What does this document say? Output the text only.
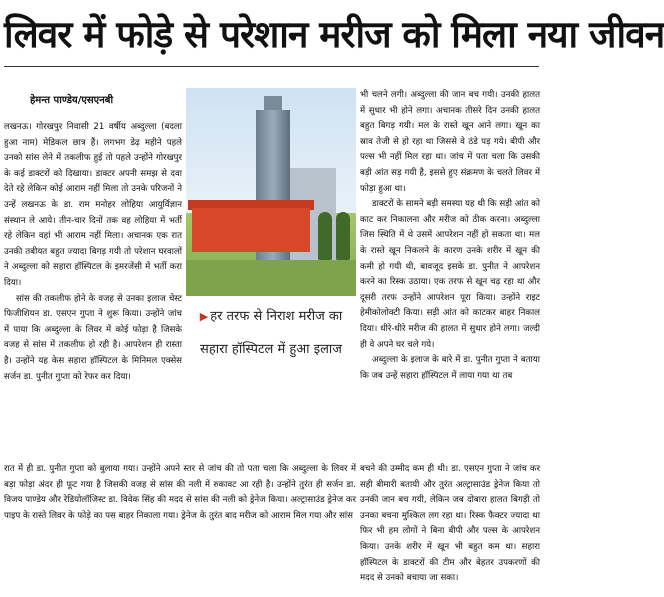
लिवर में फोड़े से परेशान मरीज को मिला नया जीवन
हेमन्त पाण्डेय/एसएनबी

लखनऊ। गोरखपुर निवासी 21 वर्षीय अब्दुल्ला (बदला हुआ नाम) मेडिकल छात्र हैं। लगभग डेढ़ महीने पहले उनको सांस लेने में तकलीफ हुई तो पहले उन्होंने गोरखपुर के कई डाक्टरों को दिखाया। डाक्टर अपनी समझ से दवा देते रहे लेकिन कोई आराम नहीं मिला तो उनके परिजनों ने उन्हें लखनऊ के डा. राम मनोहर लोहिया आयुर्विज्ञान संस्थान ले आये। तीन-चार दिनों तक वह लोहिया में भर्ती रहे लेकिन वहां भी आराम नहीं मिला। अचानक एक रात उनकी तबीयत बहुत ज्यादा बिगड़ गयी तो परेशान घरवालों ने अब्दुल्ला को सहारा हॉस्पिटल के इमरजेंसी में भर्ती करा दिया।

सांस की तकलीफ होने के वजह से उनका इलाज चेस्ट फिजीशियन डा. एसएन गुप्ता ने शुरू किया। उन्होंने जांच में पाया कि अब्दुल्ला के लिवर में कोई फोड़ा है जिसके वजह से सांस में तकलीफ हो रही है। आपरेशन ही रास्ता है। उन्होंने यह केस सहारा हॉस्पिटल के मिनिमल एक्सेस सर्जन डा. पुनीत गुप्ता को रेफर कर दिया।

▶ हर तरफ से निराश मरीज का सहारा हॉस्पिटल में हुआ इलाज

भी चलने लगी। अब्दुल्ला की जान बच गयी। उनकी हालत में सुधार भी होने लगा। अचानक तीसरे दिन उनकी हालत बहुत बिगड़ गयी। मल के रास्ते खून आने लगा। खून का स्राव तेजी से हो रहा था जिससे वे ठंडे पड़ गये। बीपी और पल्स भी नहीं मिल रहा था। जांच में पता चला कि उसकी बड़ी आंत सड़ गयी है, इससे हुए संक्रमण के चलते लिवर में फोड़ा हुआ था।

डाक्टरों के सामने बड़ी समस्या यह थी कि सड़ी आंत को काट कर निकालना और मरीज को ठीक करना। अब्दुल्ला जिस स्थिति में थे उसमें आपरेशन नहीं हो सकता था। मल के रास्ते खून निकलने के कारण उनके शरीर में खून की कमी हो गयी थी, बावजूद इसके डा. पुनीत ने आपरेशन करने का रिस्क उठाया। एक तरफ से खून चढ़ रहा था और दूसरी तरफ उन्होंने आपरेशन पूरा किया। उन्होंने राइट हेमीकोलोक्टी किया। सड़ी आंत को काटकर बाहर निकाल दिया। धीरे-धीरे मरीज की हालत में सुधार होने लगा। जल्दी ही वे अपने घर चले गये।

अब्दुल्ला के इलाज के बारे में डा. पुनीत गुप्ता ने बताया कि जब उन्हें सहारा हॉस्पिटल में लाया गया था तब

रात में ही डा. पुनीत गुप्ता को बुलाया गया। उन्होंने अपने स्तर से जांच की तो पता चला कि अब्दुल्ला के लिवर में बड़ा फोड़ा अंदर ही फूट गया है जिसकी वजह से सांस की नली में रुकावट आ रही है। उन्होंने तुरंत ही सर्जन डा. विजय पाण्डेय और रेडियोलॉजिस्ट डा. विवेक सिंह की मदद से सांस की नली को ड्रेनेज किया। अल्ट्रासाउंड ड्रेनेज कर पाइप के रास्ते लिवर के फोड़े का पस बाहर निकाला गया। ड्रेनेज के तुरंत बाद मरीज को आराम मिल गया और सांस
बचने की उम्मीद कम ही थी। डा. एसएन गुप्ता ने जांच कर सही बीमारी बतायी और तुरंत अल्ट्रासाउंड ड्रेनेज किया तो उनकी जान बच गयी, लेकिन जब दोबारा हालत बिगड़ी तो उनका बचना मुश्किल लग रहा था। रिस्क फैक्टर ज्यादा था फिर भी हम लोगों ने बिना बीपी और पल्स के आपरेशन किया। उनके शरीर में खून भी बहुत कम था। सहारा हॉस्पिटल के डाक्टरों की टीम और बेहतर उपकरणों की मदद से उनको बचाया जा सका।
